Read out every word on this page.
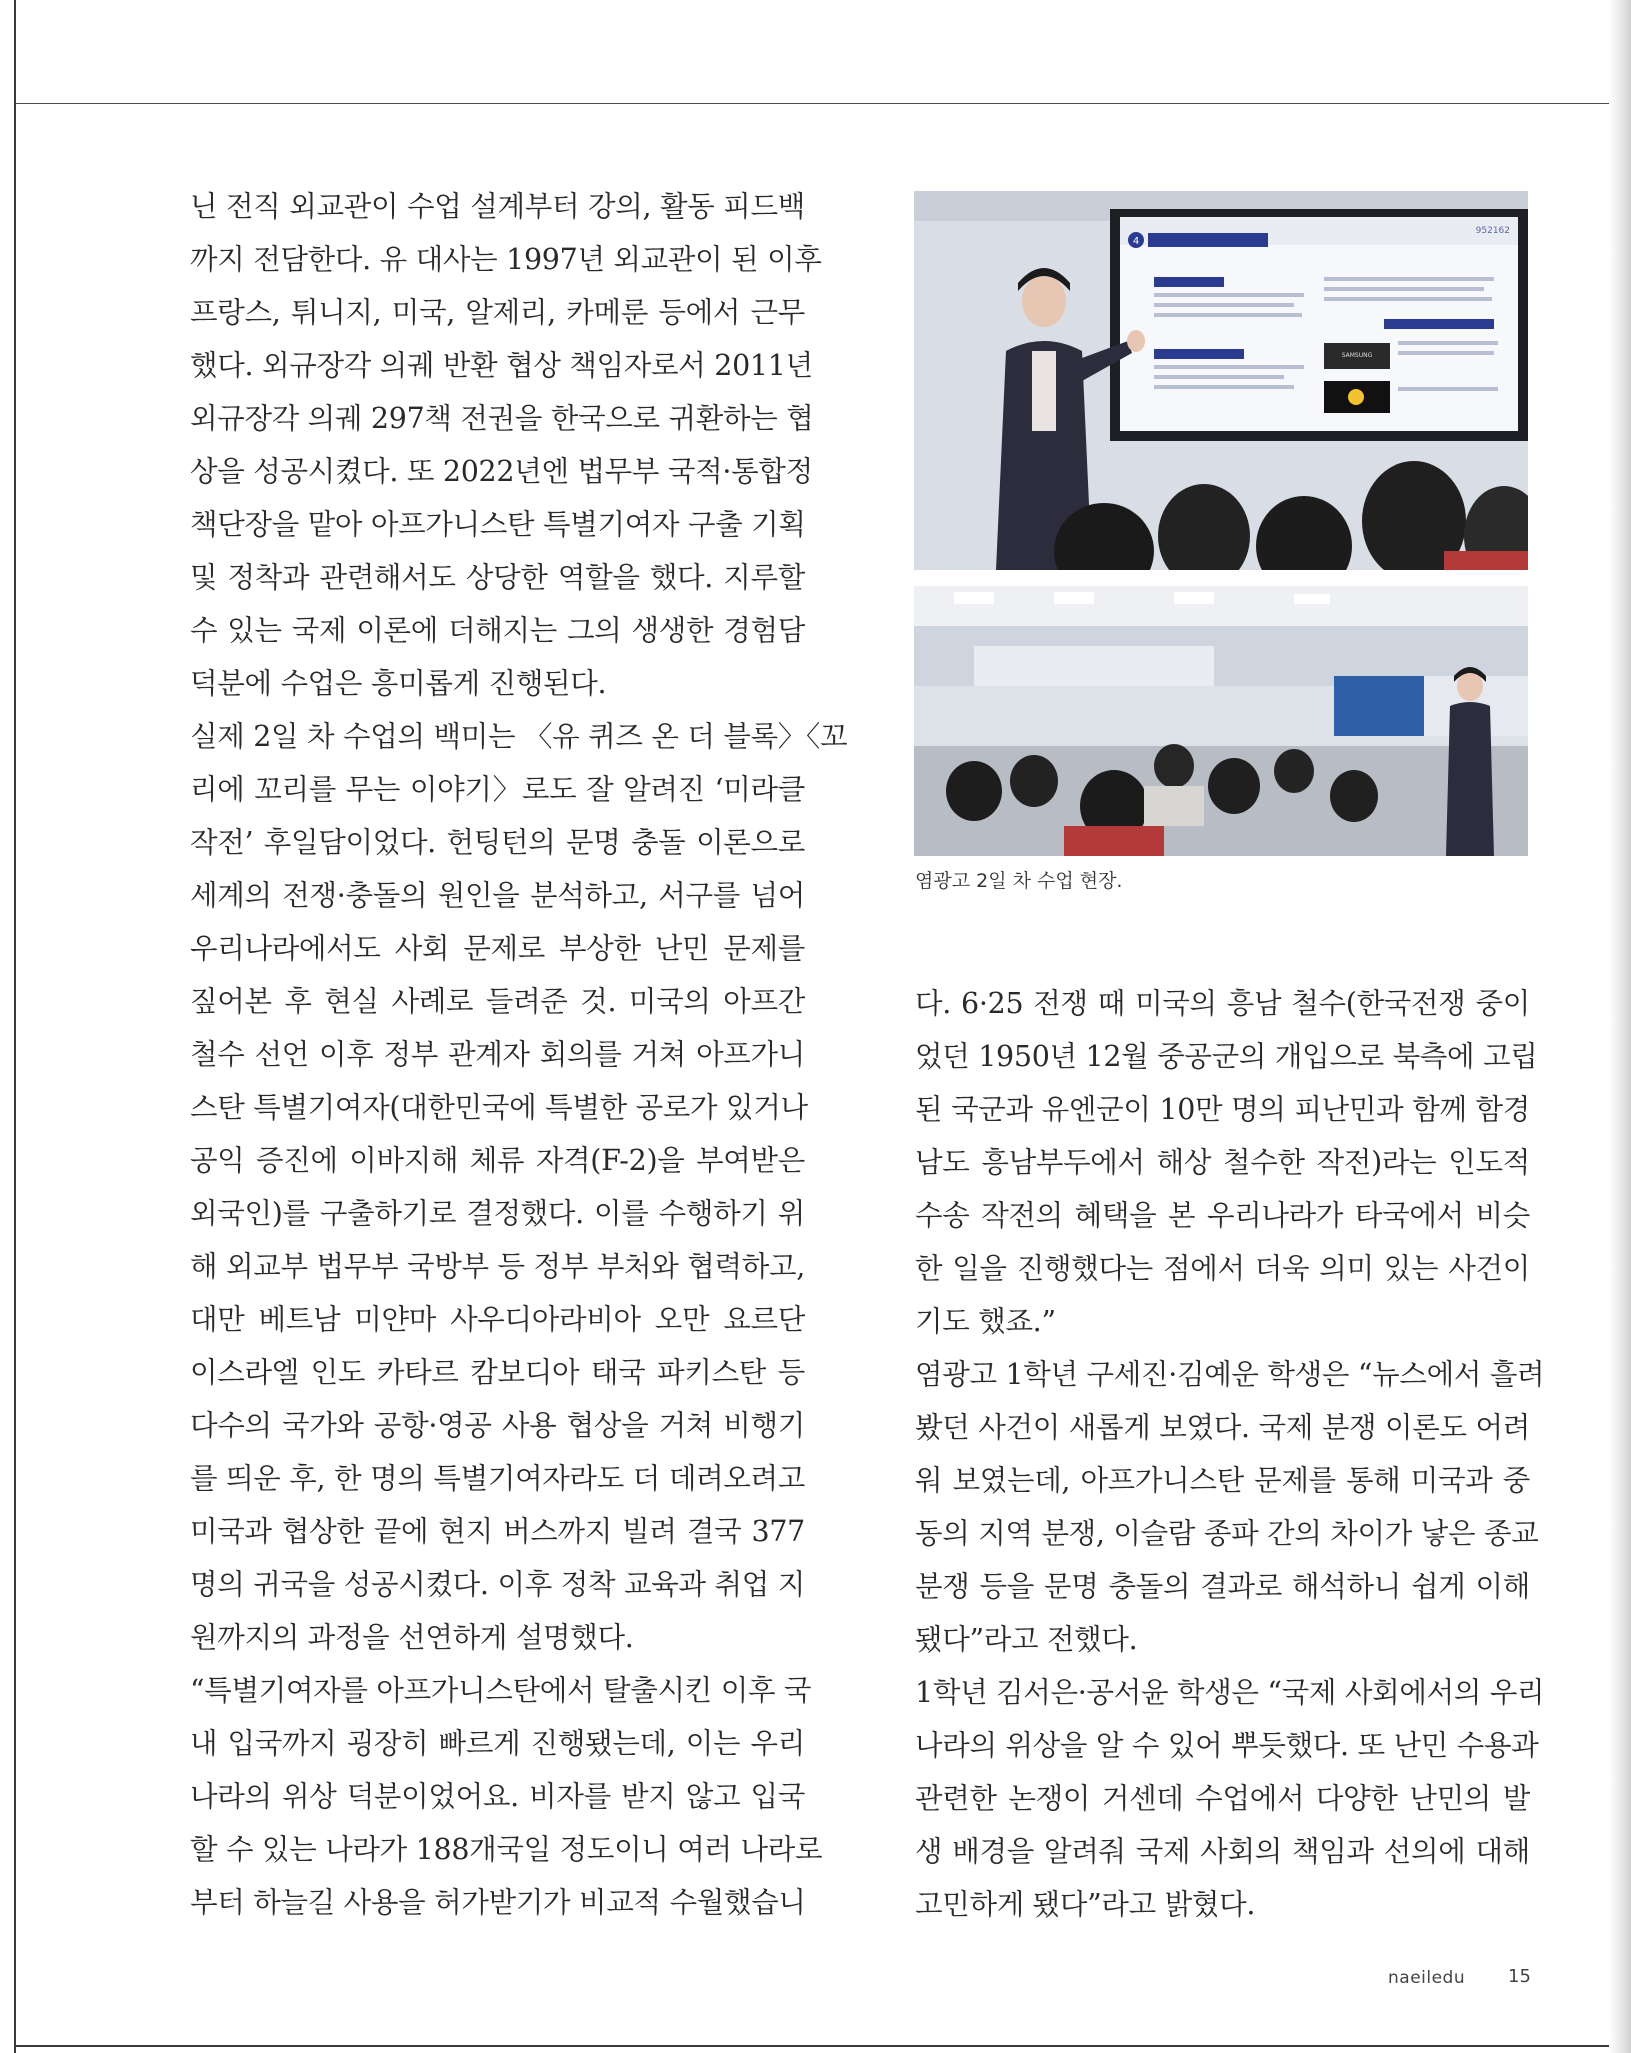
닌 전직 외교관이 수업 설계부터 강의, 활동 피드백
까지 전담한다. 유 대사는 1997년 외교관이 된 이후
프랑스, 튀니지, 미국, 알제리, 카메룬 등에서 근무
했다. 외규장각 의궤 반환 협상 책임자로서 2011년
외규장각 의궤 297책 전권을 한국으로 귀환하는 협
상을 성공시켰다. 또 2022년엔 법무부 국적·통합정
책단장을 맡아 아프가니스탄 특별기여자 구출 기획
및 정착과 관련해서도 상당한 역할을 했다. 지루할
수 있는 국제 이론에 더해지는 그의 생생한 경험담
덕분에 수업은 흥미롭게 진행된다.
실제 2일 차 수업의 백미는 〈유 퀴즈 온 더 블록〉〈꼬
리에 꼬리를 무는 이야기〉로도 잘 알려진 ‘미라클
작전’ 후일담이었다. 헌팅턴의 문명 충돌 이론으로
세계의 전쟁·충돌의 원인을 분석하고, 서구를 넘어
우리나라에서도 사회 문제로 부상한 난민 문제를
짚어본 후 현실 사례로 들려준 것. 미국의 아프간
철수 선언 이후 정부 관계자 회의를 거쳐 아프가니
스탄 특별기여자(대한민국에 특별한 공로가 있거나
공익 증진에 이바지해 체류 자격(F-2)을 부여받은
외국인)를 구출하기로 결정했다. 이를 수행하기 위
해 외교부 법무부 국방부 등 정부 부처와 협력하고,
대만 베트남 미얀마 사우디아라비아 오만 요르단
이스라엘 인도 카타르 캄보디아 태국 파키스탄 등
다수의 국가와 공항·영공 사용 협상을 거쳐 비행기
를 띄운 후, 한 명의 특별기여자라도 더 데려오려고
미국과 협상한 끝에 현지 버스까지 빌려 결국 377
명의 귀국을 성공시켰다. 이후 정착 교육과 취업 지
원까지의 과정을 선연하게 설명했다.
“특별기여자를 아프가니스탄에서 탈출시킨 이후 국
내 입국까지 굉장히 빠르게 진행됐는데, 이는 우리
나라의 위상 덕분이었어요. 비자를 받지 않고 입국
할 수 있는 나라가 188개국일 정도이니 여러 나라로
부터 하늘길 사용을 허가받기가 비교적 수월했습니
4
952162
SAMSUNG
염광고 2일 차 수업 현장.
다. 6·25 전쟁 때 미국의 흥남 철수(한국전쟁 중이
었던 1950년 12월 중공군의 개입으로 북측에 고립
된 국군과 유엔군이 10만 명의 피난민과 함께 함경
남도 흥남부두에서 해상 철수한 작전)라는 인도적
수송 작전의 혜택을 본 우리나라가 타국에서 비슷
한 일을 진행했다는 점에서 더욱 의미 있는 사건이
기도 했죠.”
염광고 1학년 구세진·김예운 학생은 “뉴스에서 흘려
봤던 사건이 새롭게 보였다. 국제 분쟁 이론도 어려
워 보였는데, 아프가니스탄 문제를 통해 미국과 중
동의 지역 분쟁, 이슬람 종파 간의 차이가 낳은 종교
분쟁 등을 문명 충돌의 결과로 해석하니 쉽게 이해
됐다”라고 전했다.
1학년 김서은·공서윤 학생은 “국제 사회에서의 우리
나라의 위상을 알 수 있어 뿌듯했다. 또 난민 수용과
관련한 논쟁이 거센데 수업에서 다양한 난민의 발
생 배경을 알려줘 국제 사회의 책임과 선의에 대해
고민하게 됐다”라고 밝혔다.
naeiledu 15
